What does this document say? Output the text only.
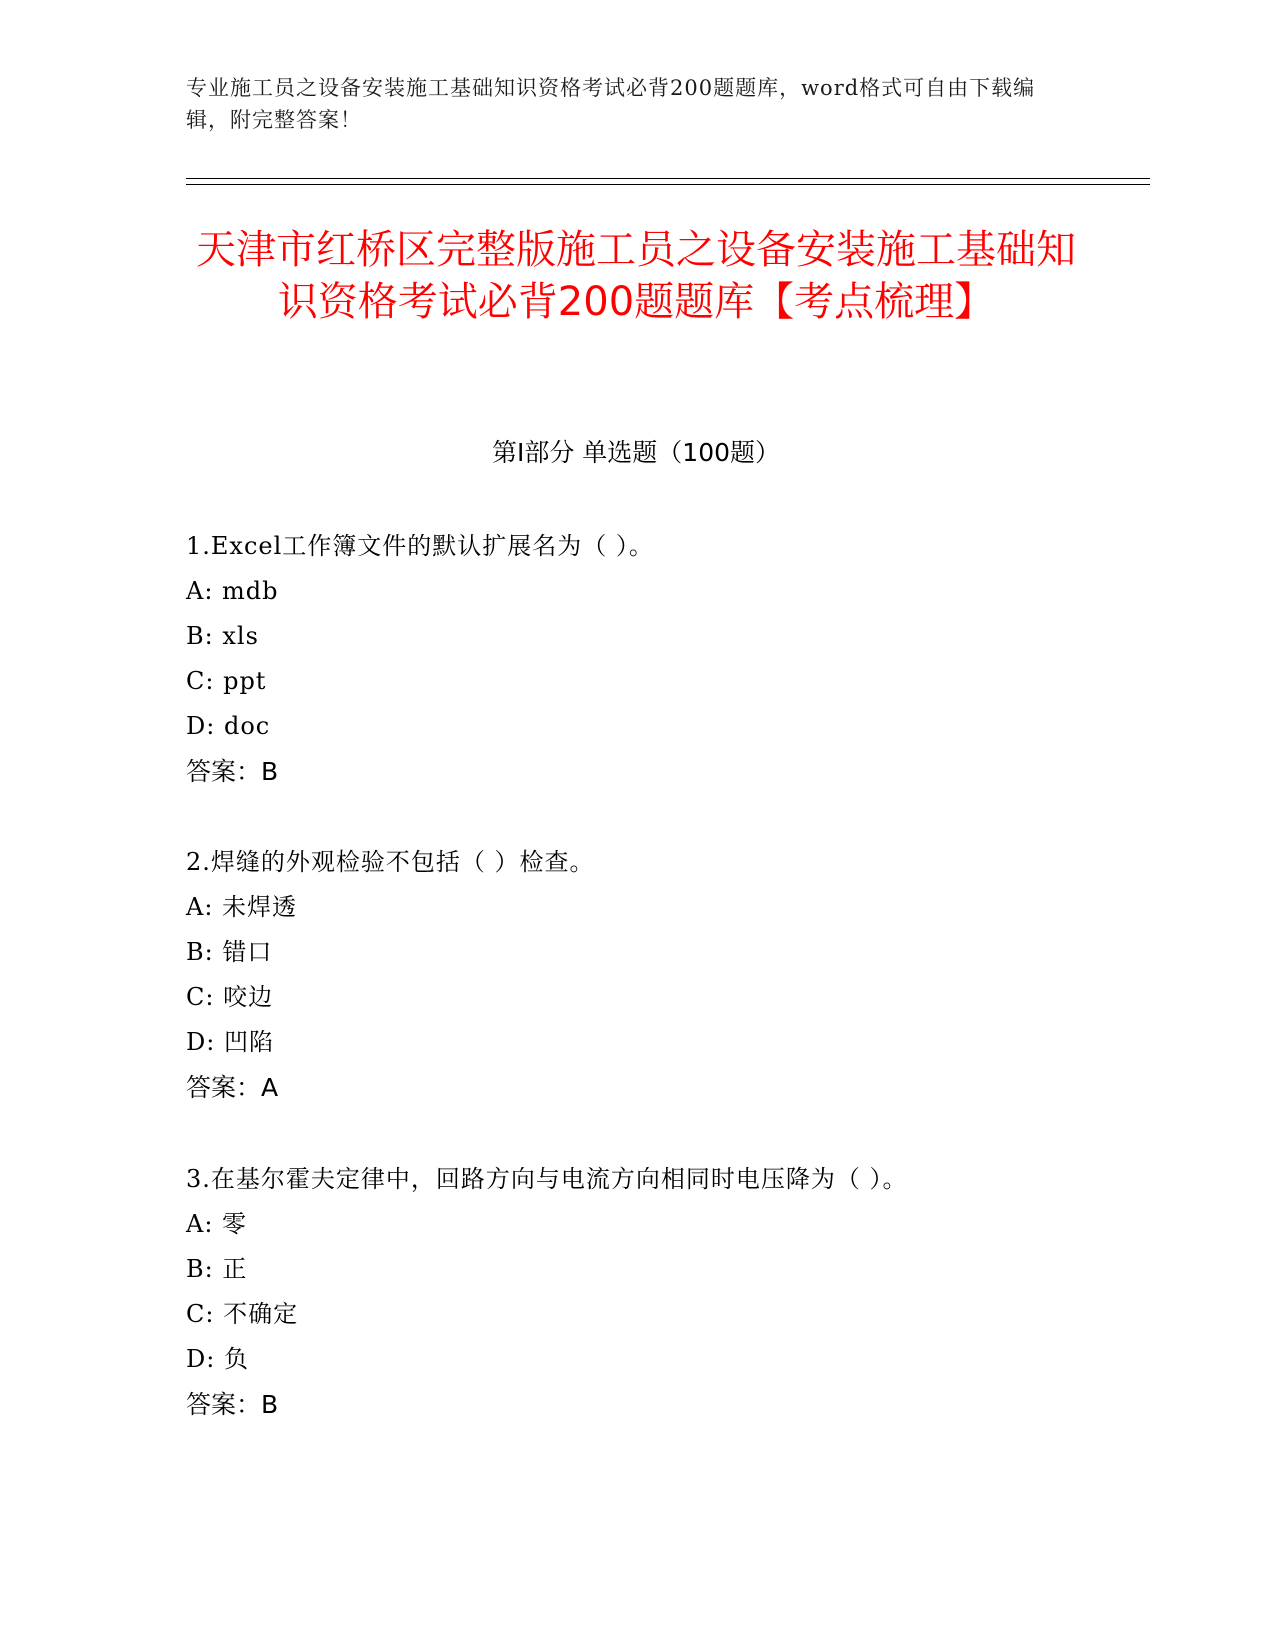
专业施工员之设备安装施工基础知识资格考试必背200题题库，word格式可自由下载编辑，附完整答案！
天津市红桥区完整版施工员之设备安装施工基础知识资格考试必背200题题库【考点梳理】
第Ⅰ部分 单选题（100题）
1.Excel工作簿文件的默认扩展名为（ ）。
A: mdb
B: xls
C: ppt
D: doc
答案：B
2.焊缝的外观检验不包括（ ）检查。
A: 未焊透
B: 错口
C: 咬边
D: 凹陷
答案：A
3.在基尔霍夫定律中，回路方向与电流方向相同时电压降为（ ）。
A: 零
B: 正
C: 不确定
D: 负
答案：B
